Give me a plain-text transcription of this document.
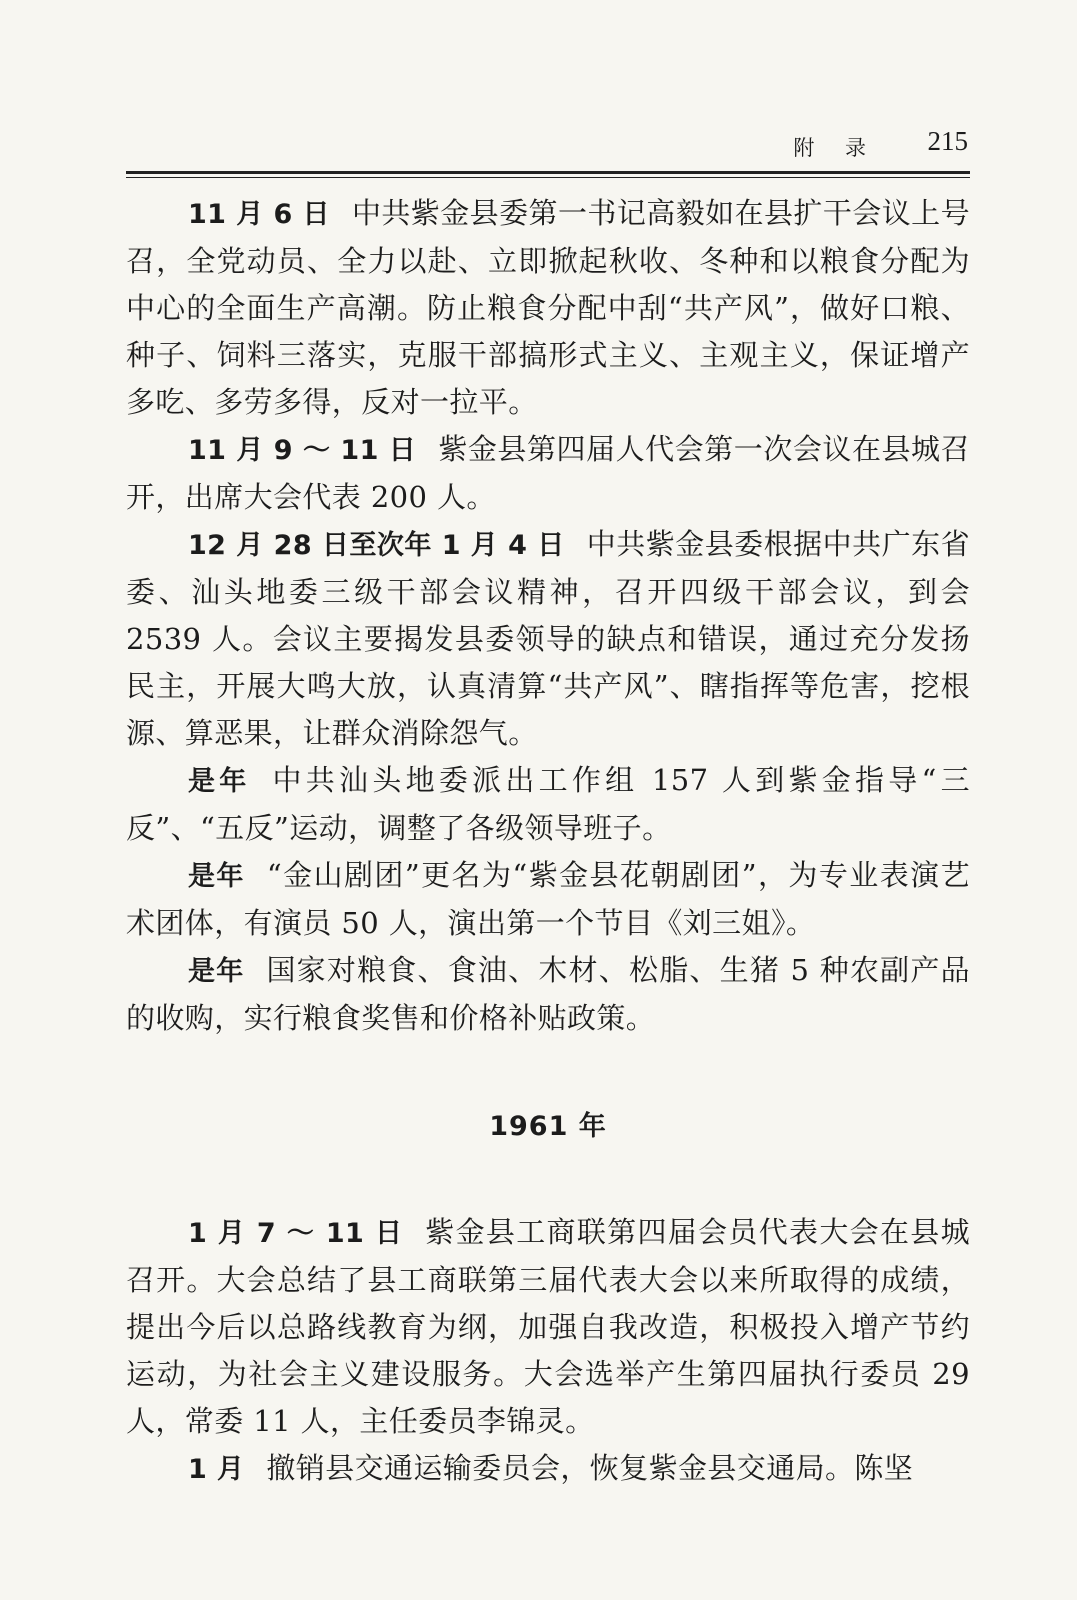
附 录 215

11 月 6 日 中共紫金县委第一书记高毅如在县扩干会议上号召，全党动员、全力以赴、立即掀起秋收、冬种和以粮食分配为中心的全面生产高潮。防止粮食分配中刮“共产风”，做好口粮、种子、饲料三落实，克服干部搞形式主义、主观主义，保证增产多吃、多劳多得，反对一拉平。

11 月 9 ～ 11 日 紫金县第四届人代会第一次会议在县城召开，出席大会代表 200 人。

12 月 28 日至次年 1 月 4 日 中共紫金县委根据中共广东省委、汕头地委三级干部会议精神，召开四级干部会议，到会 2539 人。会议主要揭发县委领导的缺点和错误，通过充分发扬民主，开展大鸣大放，认真清算“共产风”、瞎指挥等危害，挖根源、算恶果，让群众消除怨气。

是年 中共汕头地委派出工作组 157 人到紫金指导“三反”、“五反”运动，调整了各级领导班子。

是年 “金山剧团”更名为“紫金县花朝剧团”，为专业表演艺术团体，有演员 50 人，演出第一个节目《刘三姐》。

是年 国家对粮食、食油、木材、松脂、生猪 5 种农副产品的收购，实行粮食奖售和价格补贴政策。

1961 年

1 月 7 ～ 11 日 紫金县工商联第四届会员代表大会在县城召开。大会总结了县工商联第三届代表大会以来所取得的成绩，提出今后以总路线教育为纲，加强自我改造，积极投入增产节约运动，为社会主义建设服务。大会选举产生第四届执行委员 29 人，常委 11 人，主任委员李锦灵。

1 月 撤销县交通运输委员会，恢复紫金县交通局。陈坚
